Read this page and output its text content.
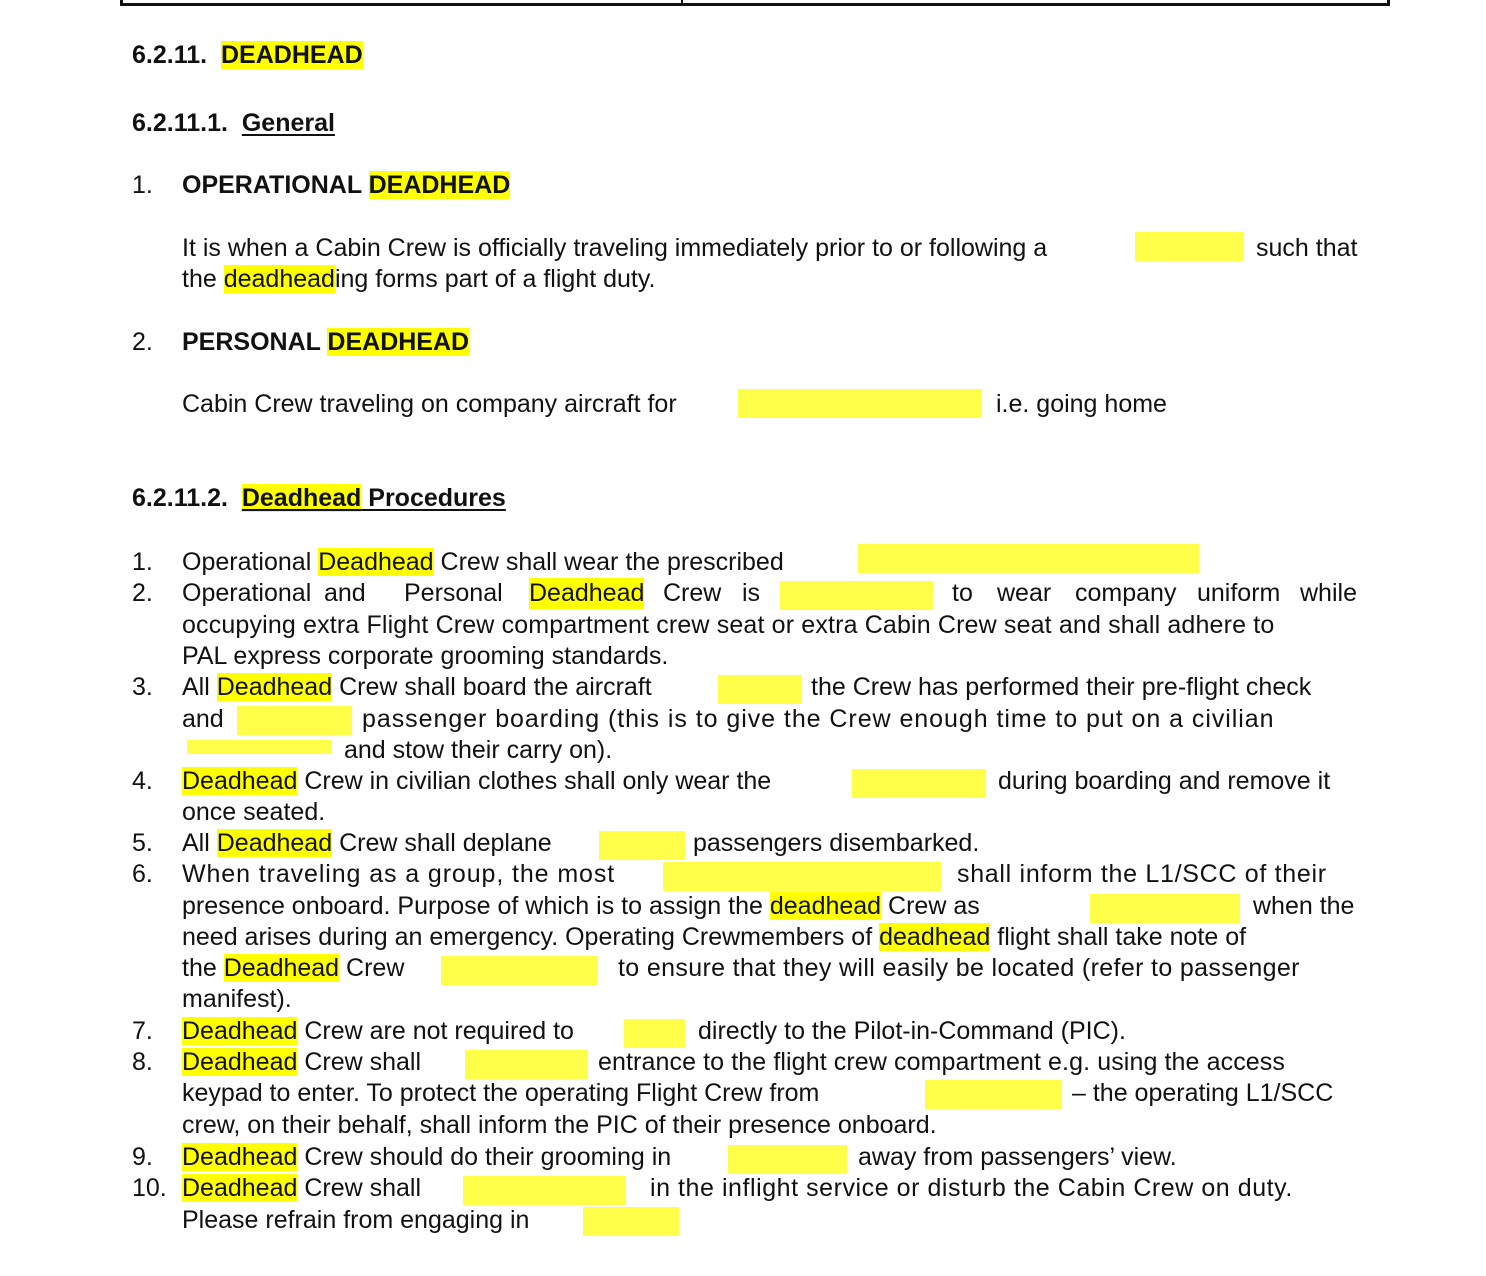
6.2.11. DEADHEAD
6.2.11.1. General
1. OPERATIONAL DEADHEAD
It is when a Cabin Crew is officially traveling immediately prior to or following a	such that
the deadheading forms part of a flight duty.
2. PERSONAL DEADHEAD
Cabin Crew traveling on company aircraft for	i.e. going home
6.2.11.2. Deadhead Procedures
1.
2.
3.
4.
5.
6.
7.
8.
9.
10.
Operational Deadhead Crew shall wear the prescribed
Operational and Personal Deadhead Crew is	to wear company uniform while
occupying extra Flight Crew compartment crew seat or extra Cabin Crew seat and shall adhere to
PAL express corporate grooming standards.
All Deadhead Crew shall board the aircraft	the Crew has performed their pre-flight check
and	passenger boarding (this is to give the Crew enough time to put on a civilian
and stow their carry on).
Deadhead Crew in civilian clothes shall only wear the	during boarding and remove it
once seated.
All Deadhead Crew shall deplane	passengers disembarked.
When traveling as a group, the most	shall inform the L1/SCC of their
presence onboard. Purpose of which is to assign the deadhead Crew as	when the
need arises during an emergency. Operating Crewmembers of deadhead flight shall take note of
the Deadhead Crew	to ensure that they will easily be located (refer to passenger
manifest).
Deadhead Crew are not required to	directly to the Pilot-in-Command (PIC).
Deadhead Crew shall	entrance to the flight crew compartment e.g. using the access
keypad to enter. To protect the operating Flight Crew from	– the operating L1/SCC
crew, on their behalf, shall inform the PIC of their presence onboard.
Deadhead Crew should do their grooming in	away from passengers’ view.
Deadhead Crew shall	in the inflight service or disturb the Cabin Crew on duty.
Please refrain from engaging in
